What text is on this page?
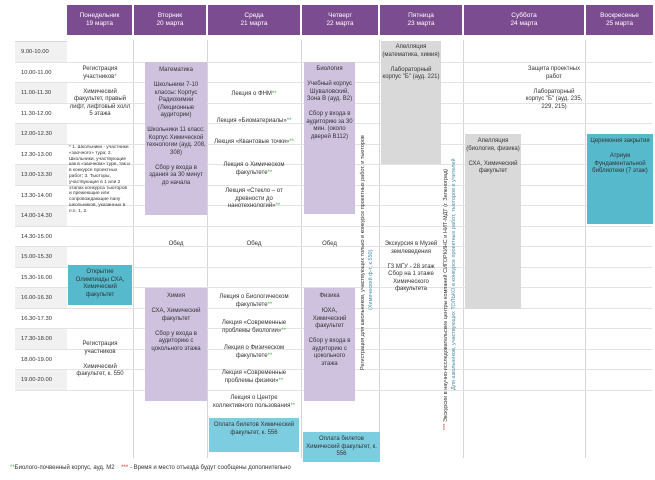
Понедельник
19 марта
Вторник
20 марта
Среда
21 марта
Четверг
22 марта
Пятница
23 марта
Суббота
24 марта
Воскресенье
25 марта
9.00-10.00
10.00-11.00
11.00-11.30
11.30-12.00
12.00-12.30
12.30-13.00
13.00-13.30
13.30-14.00
14.00-14.30
14.30-15.00
15.00-15.30
15.30-16.00
16.00-16.30
16.30-17.30
17.30-18.00
18.00-19.00
19.00-20.00
Регистрация участников*

Химический факультет, правый лифт, лифтовый холл 5 этажа
* 1. Школьники - участники «заочного» тура; 2. Школьники, участвующие как в «заочном» туре, так и в конкурсе проектных работ; 3. Тьюторы, участвующие в 1 или 2 этапах конкурса тьюторов и прежеющие или сопровождающие папу школьников, указанных в п.п. 1, 2.
Открытие Олимпиады СХА, Химический факультет
Регистрация участников

Химический факультет, к. 550
Математика

Школьники 7-10 классы: Корпус Радиохимии (Лекционные аудитории)

Школьники 11 класс: Корпус Химической технологии (ауд. 208, 308)

Сбор у входа в здания за 30 минут до начала
Обед
Химия

СХА, Химический факультет

Сбор у входа в аудиторию с цокольного этажа
Лекция о ФНМ**
Лекция «Биоматериалы»**
Лекция «Квантовые точки»**
Лекция о Химическом факультете**
Лекция «Стекло – от древности до нанотехнологий»**
Обед
Лекция о Биологическом факультете**
Лекция «Современные проблемы биологии»**
Лекция о Физическом факультете**
Лекция «Современные проблемы физики»**
Лекция о Центре коллективного пользования**
Оплата билетов Химический факультет, к. 556
Биология

Учебный корпус Шуваловский, Зона В (ауд. В2)

Сбор у входа в аудиторию за 30 мин. (около дверей В112)
Обед
Физика

ЮХА, Химический факультет

Сбор у входа в аудиторию с цокольного этажа
Оплата билетов Химический факультет, к. 556
Регистрация для школьников, участвующих только в конкурсе проектных работ, и тьюторов (Химический ф-т, к.550)
Апелляция (математика, химия)

Лабораторный корпус "Б" (ауд. 221)
Экскурсия в Музей землеведения

ГЗ МГУ - 28 этаж
Сбор на 1 этаже Химического факультета
*** Экскурсии в научно-исследовательские центры компаний СИГОРКИНС и НИТ-МДТ (г. Зеленоград) Для школьников, участвующих ТОЛЬКО в конкурсе проектных работ, тьюторов и учителей
Защита проектных работ

Лабораторный корпус "Б" (ауд. 235, 229, 215)
Апелляция (биология, физика)

СХА, Химический факультет
Церемония закрытия

Атриум Фундаментальной библиотеки (7 этаж)
**Биолого-почвенный корпус, ауд. М2 *** - Время и место отъезда будут сообщены дополнительно
